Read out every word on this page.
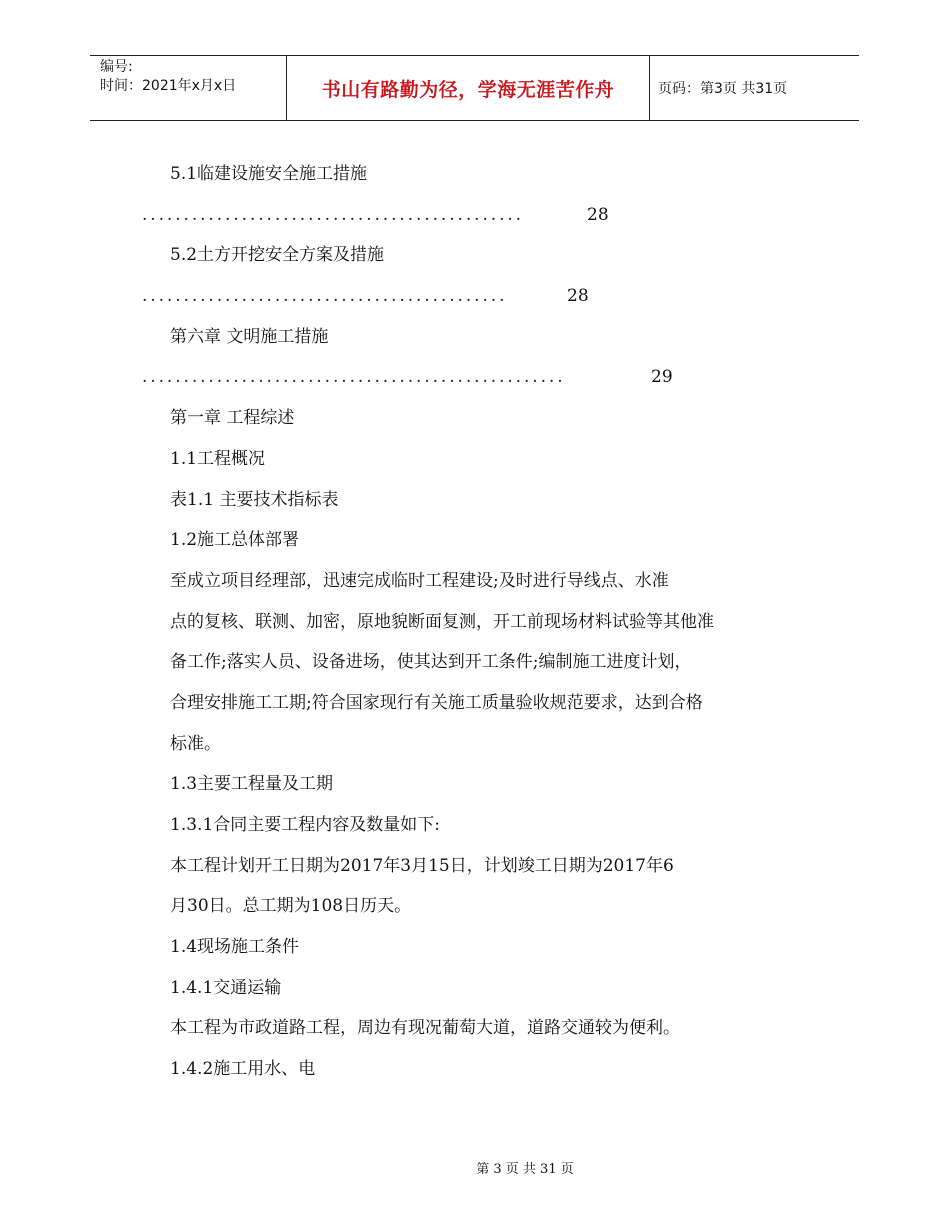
编号:
时间：2021年x月x日	书山有路勤为径，学海无涯苦作舟	页码：第3页 共31页
5.1临建设施安全施工措施
..............................................	28
5.2土方开挖安全方案及措施
............................................	28
第六章 文明施工措施
...................................................	29
第一章 工程综述
1.1工程概况
表1.1 主要技术指标表
1.2施工总体部署
至成立项目经理部，迅速完成临时工程建设;及时进行导线点、水准
点的复核、联测、加密，原地貌断面复测，开工前现场材料试验等其他准
备工作;落实人员、设备进场，使其达到开工条件;编制施工进度计划，
合理安排施工工期;符合国家现行有关施工质量验收规范要求，达到合格
标准。
1.3主要工程量及工期
1.3.1合同主要工程内容及数量如下:
本工程计划开工日期为2017年3月15日，计划竣工日期为2017年6
月30日。总工期为108日历天。
1.4现场施工条件
1.4.1交通运输
本工程为市政道路工程，周边有现况葡萄大道，道路交通较为便利。
1.4.2施工用水、电
第 3 页 共 31 页
